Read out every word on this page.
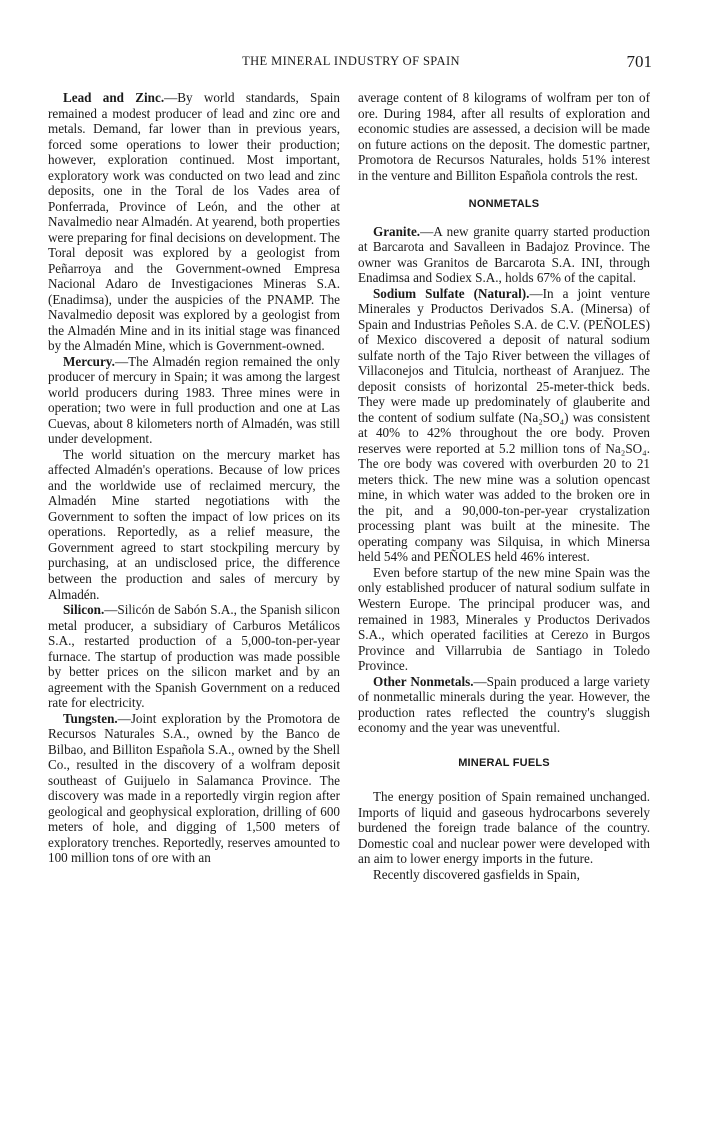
THE MINERAL INDUSTRY OF SPAIN	701

Lead and Zinc.—By world standards, Spain remained a modest producer of lead and zinc ore and metals. Demand, far lower than in previous years, forced some operations to lower their production; however, exploration continued. Most important, exploratory work was conducted on two lead and zinc deposits, one in the Toral de los Vades area of Ponferrada, Province of León, and the other at Navalmedio near Almadén. At yearend, both properties were preparing for final decisions on development. The Toral deposit was explored by a geologist from Peñarroya and the Government-owned Empresa Nacional Adaro de Investigaciones Mineras S.A. (Enadimsa), under the auspicies of the PNAMP. The Navalmedio deposit was explored by a geologist from the Almadén Mine and in its initial stage was financed by the Almadén Mine, which is Government-owned.

Mercury.—The Almadén region remained the only producer of mercury in Spain; it was among the largest world producers during 1983. Three mines were in operation; two were in full production and one at Las Cuevas, about 8 kilometers north of Almadén, was still under development.

The world situation on the mercury market has affected Almadén's operations. Because of low prices and the worldwide use of reclaimed mercury, the Almadén Mine started negotiations with the Government to soften the impact of low prices on its operations. Reportedly, as a relief measure, the Government agreed to start stockpiling mercury by purchasing, at an undisclosed price, the difference between the production and sales of mercury by Almadén.

Silicon.—Silicón de Sabón S.A., the Spanish silicon metal producer, a subsidiary of Carburos Metálicos S.A., restarted production of a 5,000-ton-per-year furnace. The startup of production was made possible by better prices on the silicon market and by an agreement with the Spanish Government on a reduced rate for electricity.

Tungsten.—Joint exploration by the Promotora de Recursos Naturales S.A., owned by the Banco de Bilbao, and Billiton Española S.A., owned by the Shell Co., resulted in the discovery of a wolfram deposit southeast of Guijuelo in Salamanca Province. The discovery was made in a reportedly virgin region after geological and geophysical exploration, drilling of 600 meters of hole, and digging of 1,500 meters of exploratory trenches. Reportedly, reserves amounted to 100 million tons of ore with an

average content of 8 kilograms of wolfram per ton of ore. During 1984, after all results of exploration and economic studies are assessed, a decision will be made on future actions on the deposit. The domestic partner, Promotora de Recursos Naturales, holds 51% interest in the venture and Billiton Española controls the rest.

NONMETALS

Granite.—A new granite quarry started production at Barcarota and Savalleen in Badajoz Province. The owner was Granitos de Barcarota S.A. INI, through Enadimsa and Sodiex S.A., holds 67% of the capital.

Sodium Sulfate (Natural).—In a joint venture Minerales y Productos Derivados S.A. (Minersa) of Spain and Industrias Peñoles S.A. de C.V. (PEÑOLES) of Mexico discovered a deposit of natural sodium sulfate north of the Tajo River between the villages of Villaconejos and Titulcia, northeast of Aranjuez. The deposit consists of horizontal 25-meter-thick beds. They were made up predominately of glauberite and the content of sodium sulfate (Na₂SO₄) was consistent at 40% to 42% throughout the ore body. Proven reserves were reported at 5.2 million tons of Na₂SO₄. The ore body was covered with overburden 20 to 21 meters thick. The new mine was a solution opencast mine, in which water was added to the broken ore in the pit, and a 90,000-ton-per-year crystalization processing plant was built at the minesite. The operating company was Silquisa, in which Minersa held 54% and PEÑOLES held 46% interest.

Even before startup of the new mine Spain was the only established producer of natural sodium sulfate in Western Europe. The principal producer was, and remained in 1983, Minerales y Productos Derivados S.A., which operated facilities at Cerezo in Burgos Province and Villarrubia de Santiago in Toledo Province.

Other Nonmetals.—Spain produced a large variety of nonmetallic minerals during the year. However, the production rates reflected the country's sluggish economy and the year was uneventful.

MINERAL FUELS

The energy position of Spain remained unchanged. Imports of liquid and gaseous hydrocarbons severely burdened the foreign trade balance of the country. Domestic coal and nuclear power were developed with an aim to lower energy imports in the future.

Recently discovered gasfields in Spain,
